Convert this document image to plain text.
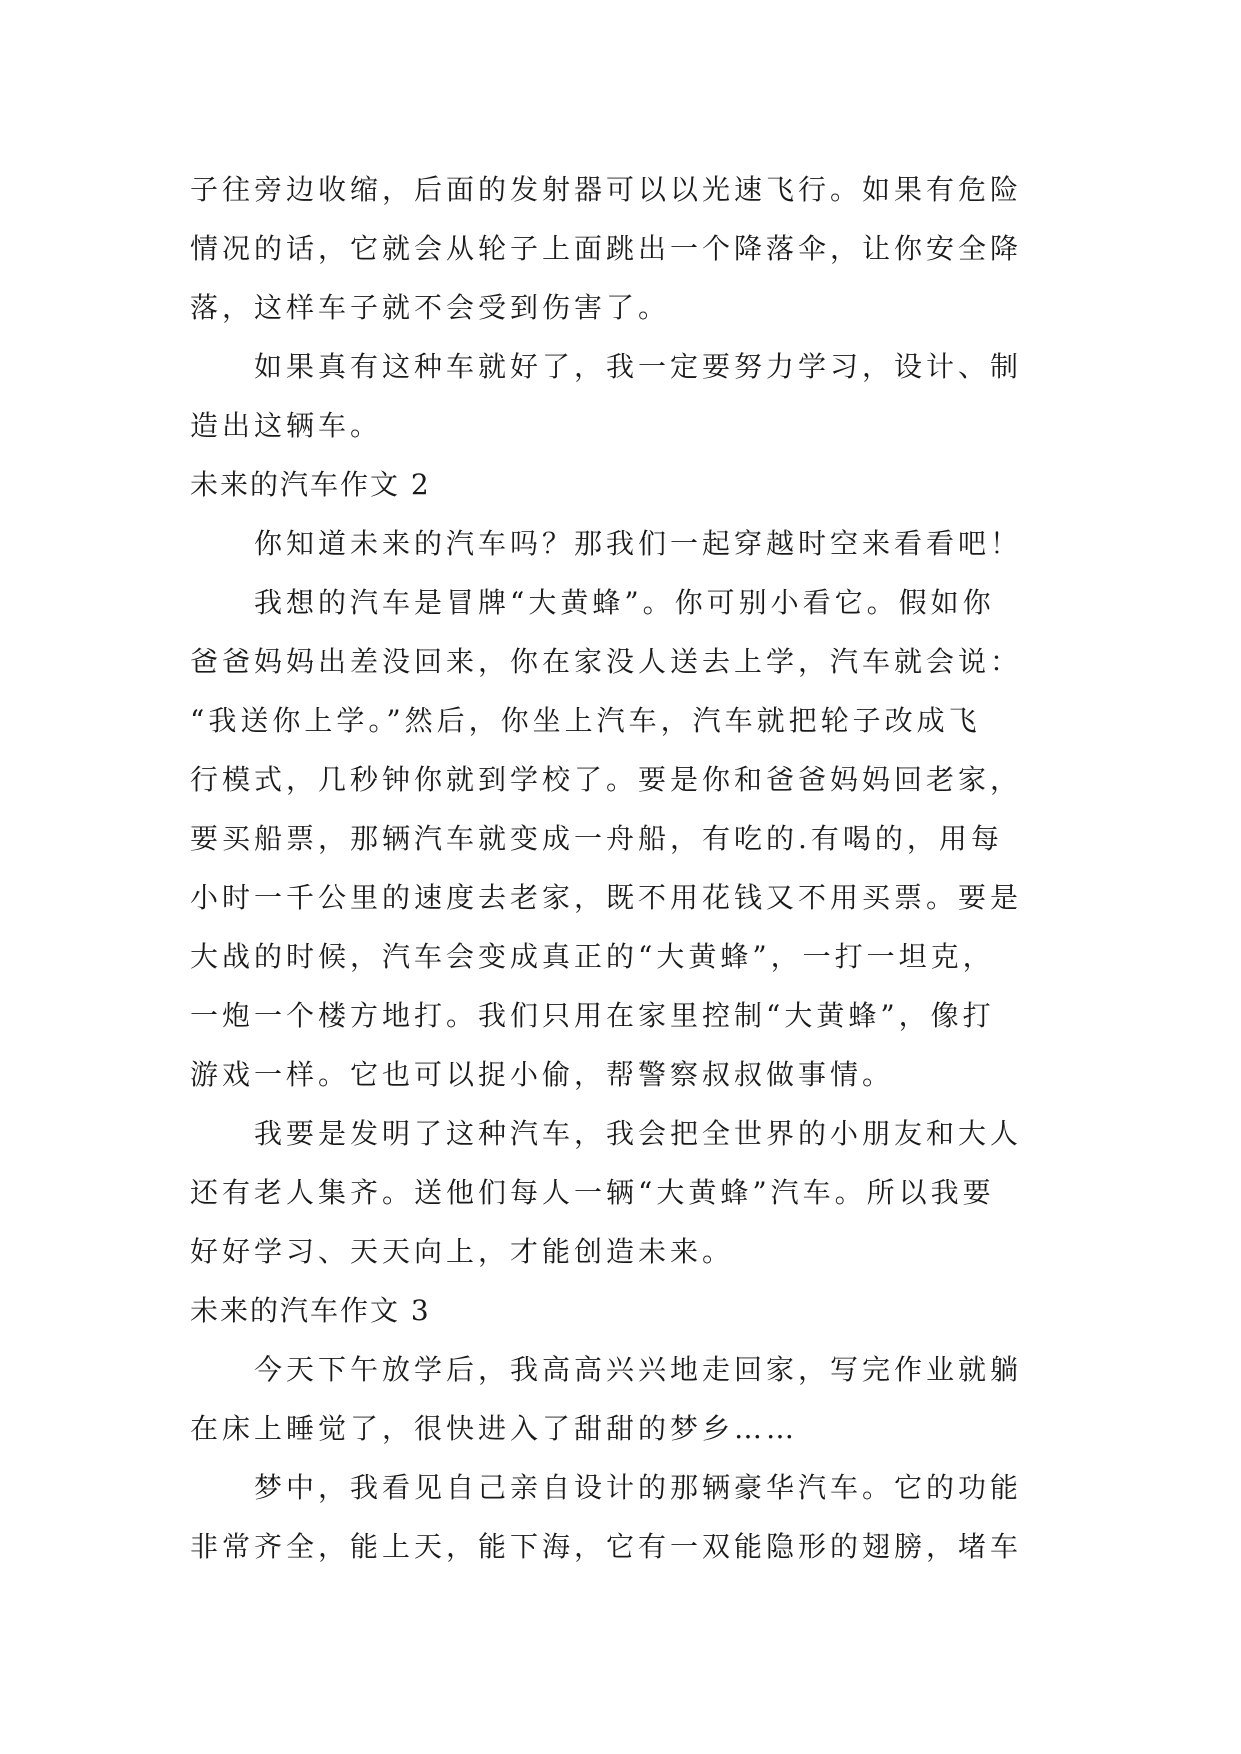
子往旁边收缩，后面的发射器可以以光速飞行。如果有危险
情况的话，它就会从轮子上面跳出一个降落伞，让你安全降
落，这样车子就不会受到伤害了。
如果真有这种车就好了，我一定要努力学习，设计、制
造出这辆车。
未来的汽车作文 2
你知道未来的汽车吗？那我们一起穿越时空来看看吧！
我想的汽车是冒牌“大黄蜂”。你可别小看它。假如你
爸爸妈妈出差没回来，你在家没人送去上学，汽车就会说：
“我送你上学。”然后，你坐上汽车，汽车就把轮子改成飞
行模式，几秒钟你就到学校了。要是你和爸爸妈妈回老家，
要买船票，那辆汽车就变成一舟船，有吃的.有喝的，用每
小时一千公里的速度去老家，既不用花钱又不用买票。要是
大战的时候，汽车会变成真正的“大黄蜂”，一打一坦克，
一炮一个楼方地打。我们只用在家里控制“大黄蜂”，像打
游戏一样。它也可以捉小偷，帮警察叔叔做事情。
我要是发明了这种汽车，我会把全世界的小朋友和大人
还有老人集齐。送他们每人一辆“大黄蜂”汽车。所以我要
好好学习、天天向上，才能创造未来。
未来的汽车作文 3
今天下午放学后，我高高兴兴地走回家，写完作业就躺
在床上睡觉了，很快进入了甜甜的梦乡……
梦中，我看见自己亲自设计的那辆豪华汽车。它的功能
非常齐全，能上天，能下海，它有一双能隐形的翅膀，堵车
